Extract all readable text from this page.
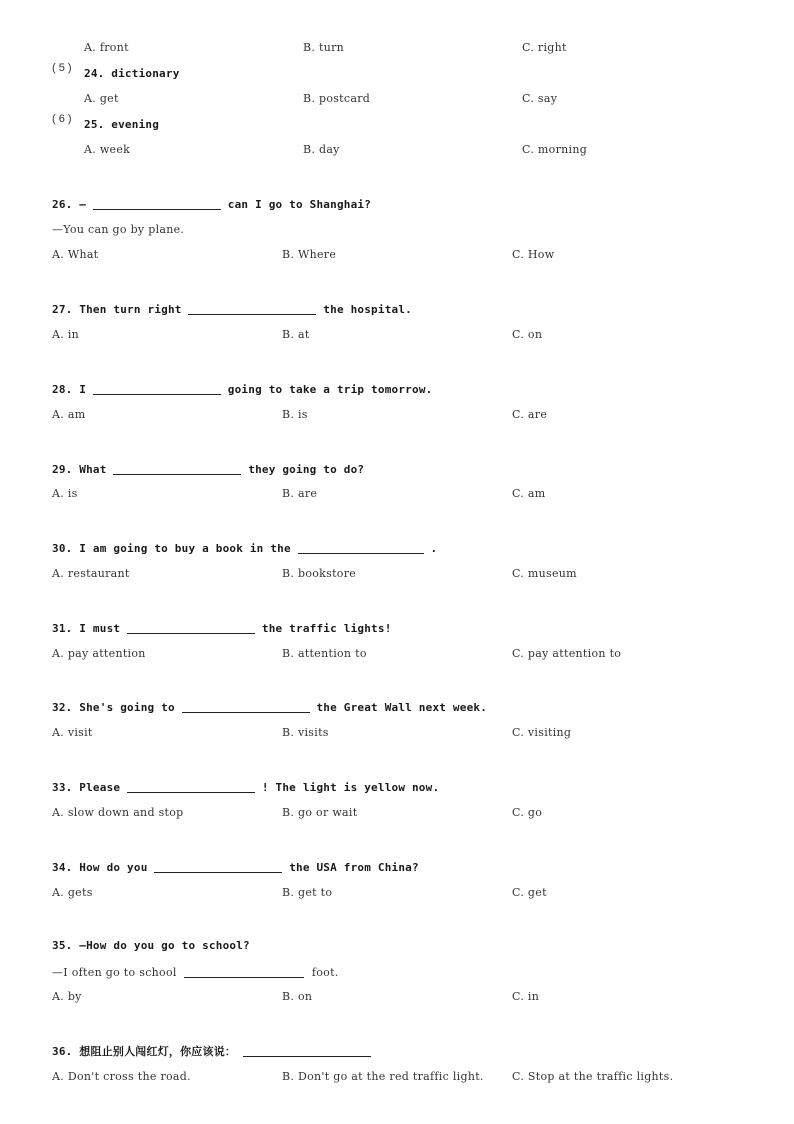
A. front	B. turn	C. right
( 5 ) 24. dictionary
A. get	B. postcard	C. say
( 6 ) 25. evening
A. week	B. day	C. morning
26. —	can I go to Shanghai?
—You can go by plane.
A. What	B. Where	C. How
27. Then turn right	the hospital.
A. in	B. at	C. on
28. I	going to take a trip tomorrow.
A. am	B. is	C. are
29. What	they going to do?
A. is	B. are	C. am
30. I am going to buy a book in the	.
A. restaurant	B. bookstore	C. museum
31. I must	the traffic lights!
A. pay attention	B. attention to	C. pay attention to
32. She's going to	the Great Wall next week.
A. visit	B. visits	C. visiting
33. Please	! The light is yellow now.
A. slow down and stop	B. go or wait	C. go
34. How do you	the USA from China?
A. gets	B. get to	C. get
35. —How do you go to school?
—I often go to school	foot.
A. by	B. on	C. in
36. 想阻止别人闯红灯，你应该说：
A. Don't cross the road.	B. Don't go at the red traffic light.	C. Stop at the traffic lights.
